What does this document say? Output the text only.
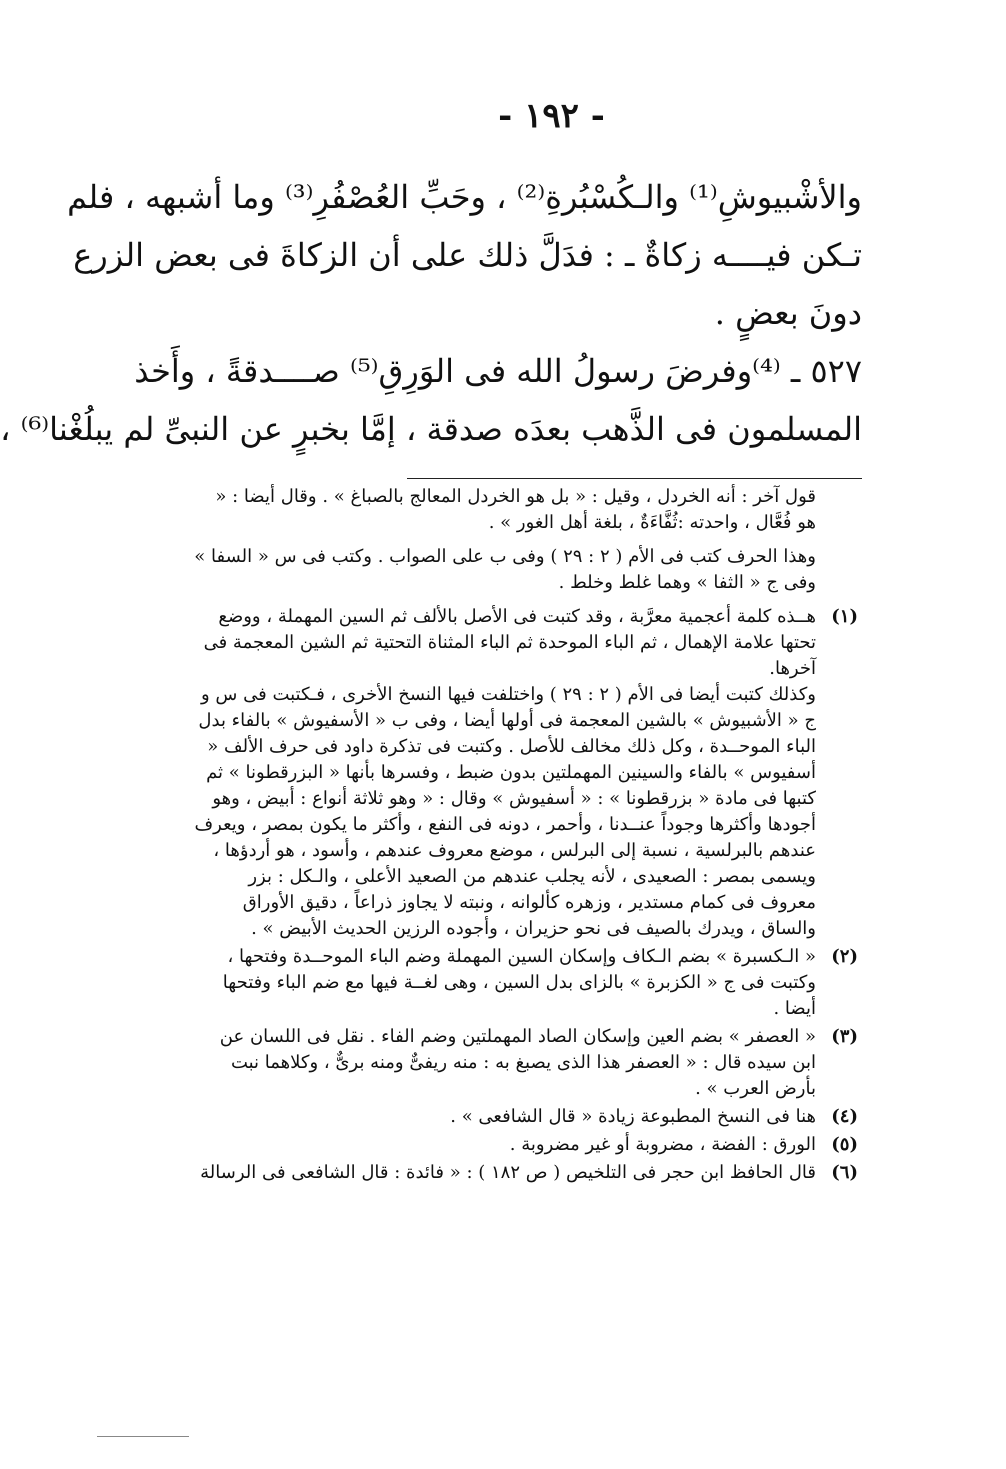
- ١٩٢ -
والأشْبيوشِ⁽¹⁾ والـكُسْبُرةِ⁽²⁾ ، وحَبِّ العُصْفُرِ⁽³⁾ وما أشبهه ، فلم
تـكن فيــــه زكاةٌ ـ : فدَلَّ ذلك على أن الزكاةَ فى بعض الزرع
دونَ بعضٍ .
٥٢٧ ـ ⁽⁴⁾وفرضَ رسولُ الله فى الوَرِقِ⁽⁵⁾ صــــدقةً ، وأَخذ
المسلمون فى الذَّهب بعدَه صدقة ، إمَّا بخبرٍ عن النبىِّ لم يبلُغْنا⁽⁶⁾ ،

قول آخر : أنه الخردل ، وقيل : « بل هو الخردل المعالج بالصباغ » . وقال أيضا : « هو فُعَّال ، واحدته :ثُفَّاءَةٌ ، بلغة أهل الغور » .

وهذا الحرف كتب فى الأم ( ٢ : ٢٩ ) وفى ب على الصواب . وكتب فى س « السفا » وفى ج « الثفا » وهما غلط وخلط .

(١)

هــذه كلمة أعجمية معرَّبة ، وقد كتبت فى الأصل بالألف ثم السين المهملة ، ووضع تحتها علامة الإهمال ، ثم الباء الموحدة ثم الباء المثناة التحتية ثم الشين المعجمة فى آخرها.

وكذلك كتبت أيضا فى الأم ( ٢ : ٢٩ ) واختلفت فيها النسخ الأخرى ، فـكتبت فى س و ج « الأشبيوش » بالشين المعجمة فى أولها أيضا ، وفى ب « الأسفيوش » بالفاء بدل الباء الموحــدة ، وكل ذلك مخالف للأصل . وكتبت فى تذكرة داود فى حرف الألف « أسفيوس » بالفاء والسينين المهملتين بدون ضبط ، وفسرها بأنها « البزرقطونا » ثم كتبها فى مادة « بزرقطونا » : « أسفيوش » وقال : « وهو ثلاثة أنواع : أبيض ، وهو أجودها وأكثرها وجوداً عنــدنا ، وأحمر ، دونه فى النفع ، وأكثر ما يكون بمصر ، ويعرف عندهم بالبرلسية ، نسبة إلى البرلس ، موضع معروف عندهم ، وأسود ، هو أردؤها ، ويسمى بمصر : الصعيدى ، لأنه يجلب عندهم من الصعيد الأعلى ، والـكل : بزر معروف فى كمام مستدير ، وزهره كألوانه ، ونبته لا يجاوز ذراعاً ، دقيق الأوراق والساق ، ويدرك بالصيف فى نحو حزيران ، وأجوده الرزين الحديث الأبيض » .

(٢)

« الـكسبرة » بضم الـكاف وإسكان السين المهملة وضم الباء الموحــدة وفتحها ، وكتبت فى ج « الكزبرة » بالزاى بدل السين ، وهى لغــة فيها مع ضم الباء وفتحها أيضا .

(٣)

« العصفر » بضم العين وإسكان الصاد المهملتين وضم الفاء . نقل فى اللسان عن ابن سيده قال : « العصفر هذا الذى يصبغ به : منه ريفىٌّ ومنه برىٌّ ، وكلاهما نبت بأرض العرب » .

(٤)

هنا فى النسخ المطبوعة زيادة « قال الشافعى » .

(٥)

الورق : الفضة ، مضروبة أو غير مضروبة .

(٦)

قال الحافظ ابن حجر فى التلخيص ( ص ١٨٢ ) : « فائدة : قال الشافعى فى الرسالة
